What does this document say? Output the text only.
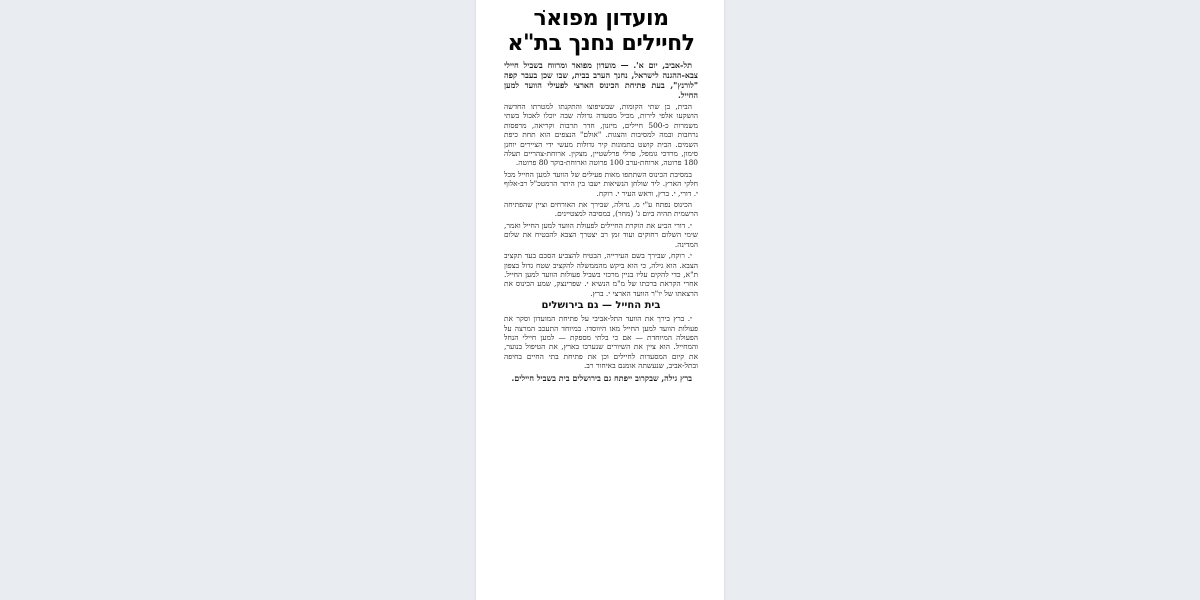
מועדון מפואר
לחיילים נחנך בת"א

תל-אביב, יום א'. — מועדון מפואר ומרווח בשביל חיילי צבא-ההגנה לישראל, נחנך הערב בבית, שבו שכן בעבר קפה "לורנץ", בעת פתיחת הכינוס הארצי לפעילי הוועד למען החייל.

הבית, בן שתי הקומות, שבשיפוצו והתקנתו למטרתו החדשה הושקעו אלפי לירות, מכיל מסעדה גדולה שבה יוכלו לאכול בשתי משמרות כ-500 חיילים, מיזנון, חדר תרבות וקריאה, מרפסות נרחבות ובמה למסיבות והצגות. "אולם" הנצפים הוא תחת כיפת השמים. הבית קושט בתמונות קיר גדולות מעשי ידי הציירים יוחנן סימון, מרדכי גומפל, פרלי פרלשטיין, מצקין. ארוחת-צהריים תעלה 180 פרוטה, ארוחת-ערב 100 פרוטה וארוחת-בוקר 80 פרוטה.

במסיבת הכינוס השתתפו מאות פעילים של הוועד למען החייל מכל חלקי הארץ. ליד שולחן הנשיאות ישבו בין היתר הרמטכ"ל רב-אלוף י. דורי, י. ברץ, וראש העיר י. רוקח.

הכינוס נפתח ע"י מ. גדולה, שבירך את האורחים וציין שהפתיחה הרשמית תהיה ביום ג' (מחר), במסיבה למצטיינים.

י. דורי הביע את הוקרת החיילים לפעולת הוועד למען החייל ואמר, שימי השלום רחוקים ועוד זמן רב יצטרך הצבא להבטיח את שלום המדינה.

י. רוקח, שבירך בשם העירייה, הבטיח להצביע הסכם בעד תקציב הצבא. הוא גילה, כי הוא ביקש מהממשלה להקציב שטח גדול בצפון ת"א, כדי להקים עליו בניין מרכזי בשביל פעולות הוועד למען החייל. אחרי הקראת ברכתו של מ"מ הנשיא י. שפרינצק, שמע הכינוס את הרצאתו של יו"ר הוועד הארצי י. ברץ.

בית החייל — גם בירושלים

י. ברץ בירך את הוועד התל-אביבי על פתיחת המועדון וסקר את פעולות הוועד למען החייל מאז היווסדו. במיוחד התעכב המרצה על הפעולה המיוחדת — אם כי בלתי מספקת — למען חיילי הנחל והמחייל. הוא ציין את השיורים שנערכו בארץ, את הטיפול בנוער, את קיום המסעדות לחיילים וכן את פתיחת בתי החיים בחיפה ובתל-אביב, שנעשתה אומנם באיחור רב.

ברץ גילה, שבקרוב ייפתח גם בירושלים בית בשביל חיילים.
